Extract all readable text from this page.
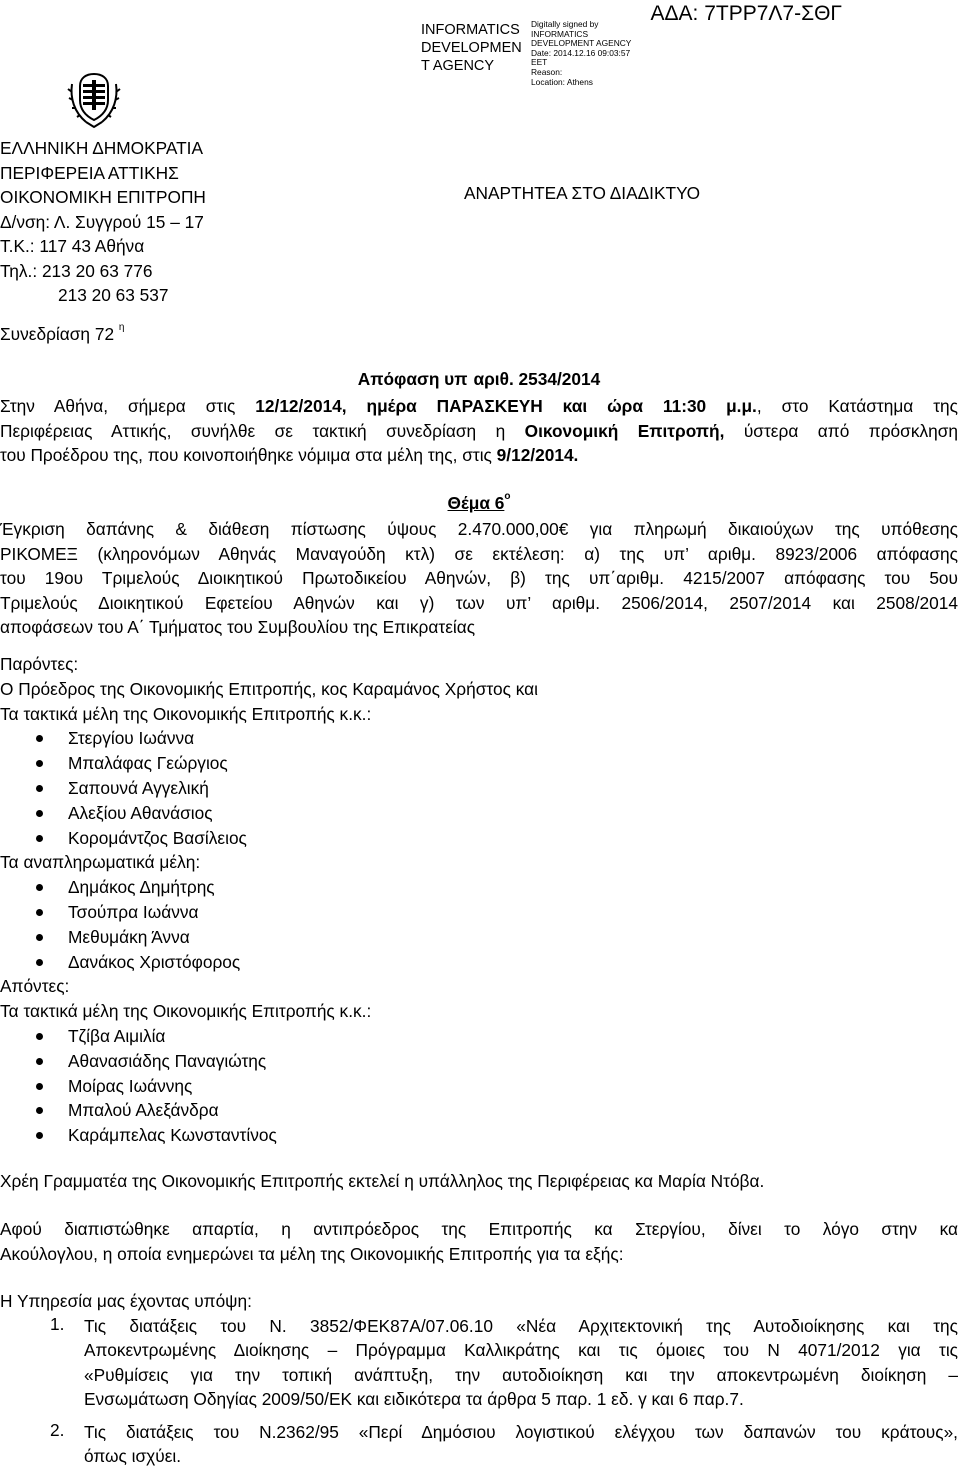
ΑΔΑ: 7ΤΡΡ7Λ7-ΣΘΓ
INFORMATICS
DEVELOPMEN
T AGENCY
Digitally signed by
INFORMATICS
DEVELOPMENT AGENCY
Date: 2014.12.16 09:03:57
EET
Reason:
Location: Athens
ΕΛΛΗΝΙΚΗ ΔΗΜΟΚΡΑΤΙΑ
ΠΕΡΙΦΕΡΕΙΑ ΑΤΤΙΚΗΣ
ΟΙΚΟΝΟΜΙΚΗ ΕΠΙΤΡΟΠΗ
Δ/νση: Λ. Συγγρού 15 – 17
Τ.Κ.: 117 43 Αθήνα
Τηλ.: 213 20 63 776
213 20 63 537
ΑΝΑΡΤΗΤΕΑ ΣΤΟ ΔΙΑΔΙΚΤΥΟ
Συνεδρίαση 72 $^\eta$
Απόφαση υπ αριθ. 2534/2014
Στην Αθήνα, σήμερα στις 12/12/2014, ημέρα ΠΑΡΑΣΚΕΥΗ και ώρα 11:30 μ.μ., στο Κατάστημα της
Περιφέρειας Αττικής, συνήλθε σε τακτική συνεδρίαση η Οικονομική Επιτροπή, ύστερα από πρόσκληση
του Προέδρου της, που κοινοποιήθηκε νόμιμα στα μέλη της, στις 9/12/2014.
Θέμα $6^o$
Έγκριση δαπάνης & διάθεση πίστωσης ύψους 2.470.000,00€ για πληρωμή δικαιούχων της υπόθεσης
ΡΙΚΟΜΕΞ (κληρονόμων Αθηνάς Μαναγούδη κτλ) σε εκτέλεση: α) της υπ’ αριθμ. 8923/2006 απόφασης
του 19ου Τριμελούς Διοικητικού Πρωτοδικείου Αθηνών, β) της υπ΄αριθμ. 4215/2007 απόφασης του 5ου
Τριμελούς Διοικητικού Εφετείου Αθηνών και γ) των υπ’ αριθμ. 2506/2014, 2507/2014 και 2508/2014
αποφάσεων του Α΄ Τμήματος του Συμβουλίου της Επικρατείας
Παρόντες:
Ο Πρόεδρος της Οικονομικής Επιτροπής, κος Καραμάνος Χρήστος και
Τα τακτικά μέλη της Οικονομικής Επιτροπής κ.κ.:
Στεργίου Ιωάννα
Μπαλάφας Γεώργιος
Σαπουνά Αγγελική
Αλεξίου Αθανάσιος
Κορομάντζος Βασίλειος
Τα αναπληρωματικά μέλη:
Δημάκος Δημήτρης
Τσούπρα Ιωάννα
Μεθυμάκη Άννα
Δανάκος Χριστόφορος
Απόντες:
Τα τακτικά μέλη της Οικονομικής Επιτροπής κ.κ.:
Τζίβα Αιμιλία
Αθανασιάδης Παναγιώτης
Μοίρας Ιωάννης
Μπαλού Αλεξάνδρα
Καράμπελας Κωνσταντίνος
Χρέη Γραμματέα της Οικονομικής Επιτροπής εκτελεί η υπάλληλος της Περιφέρειας κα Μαρία Ντόβα.
Αφού διαπιστώθηκε απαρτία, η αντιπρόεδρος της Επιτροπής κα Στεργίου, δίνει το λόγο στην κα
Ακούλογλου, η οποία ενημερώνει τα μέλη της Οικονομικής Επιτροπής για τα εξής:
Η Υπηρεσία μας έχοντας υπόψη:
1. Τις διατάξεις του Ν. 3852/ΦΕΚ87Α/07.06.10 «Νέα Αρχιτεκτονική της Αυτοδιοίκησης και της
Αποκεντρωμένης Διοίκησης – Πρόγραμμα Καλλικράτης και τις όμοιες του Ν 4071/2012 για τις
«Ρυθμίσεις για την τοπική ανάπτυξη, την αυτοδιοίκηση και την αποκεντρωμένη διοίκηση –
Ενσωμάτωση Οδηγίας 2009/50/ΕΚ και ειδικότερα τα άρθρα 5 παρ. 1 εδ. γ και 6 παρ.7.
2. Τις διατάξεις του Ν.2362/95 «Περί Δημόσιου λογιστικού ελέγχου των δαπανών του κράτους»,
όπως ισχύει.
